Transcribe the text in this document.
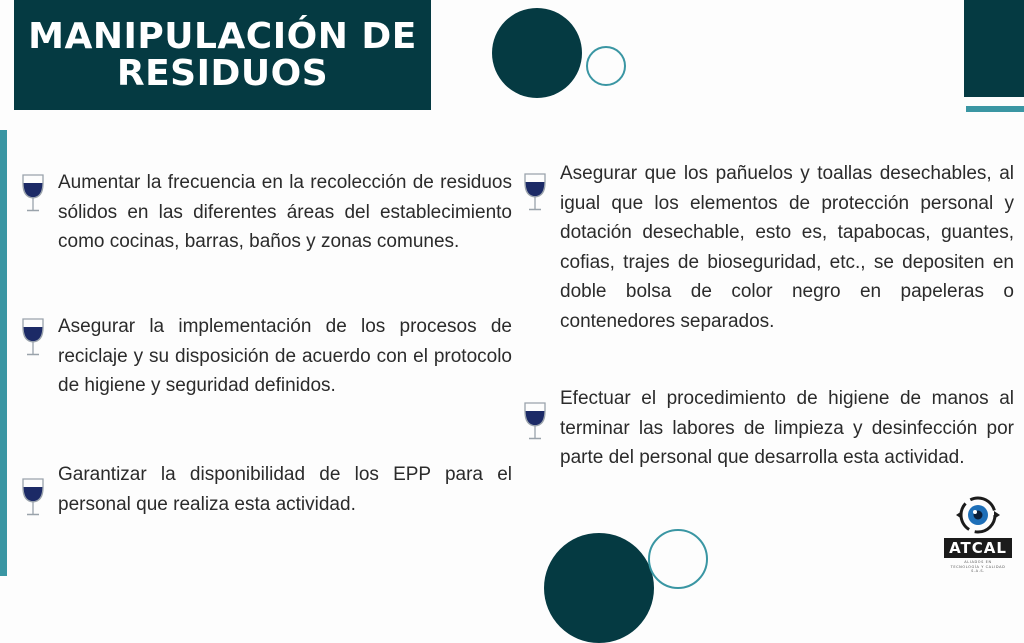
MANIPULACIÓN DE
RESIDUOS
Aumentar la frecuencia en la recolección de residuos sólidos en las diferentes áreas del establecimiento como cocinas, barras, baños y zonas comunes.
Asegurar la implementación de los procesos de reciclaje y su disposición de acuerdo con el protocolo de higiene y seguridad definidos.
Garantizar la disponibilidad de los EPP para el personal que realiza esta actividad.
Asegurar que los pañuelos y toallas desechables, al igual que los elementos de protección personal y dotación desechable, esto es, tapabocas, guantes, cofias, trajes de bioseguridad, etc., se depositen en doble bolsa de color negro en papeleras o contenedores separados.
Efectuar el procedimiento de higiene de manos al terminar las labores de limpieza y desinfección por parte del personal que desarrolla esta actividad.
ATCAL
ALIADOS EN
TECNOLOGÍA Y CALIDAD S.A.S.
